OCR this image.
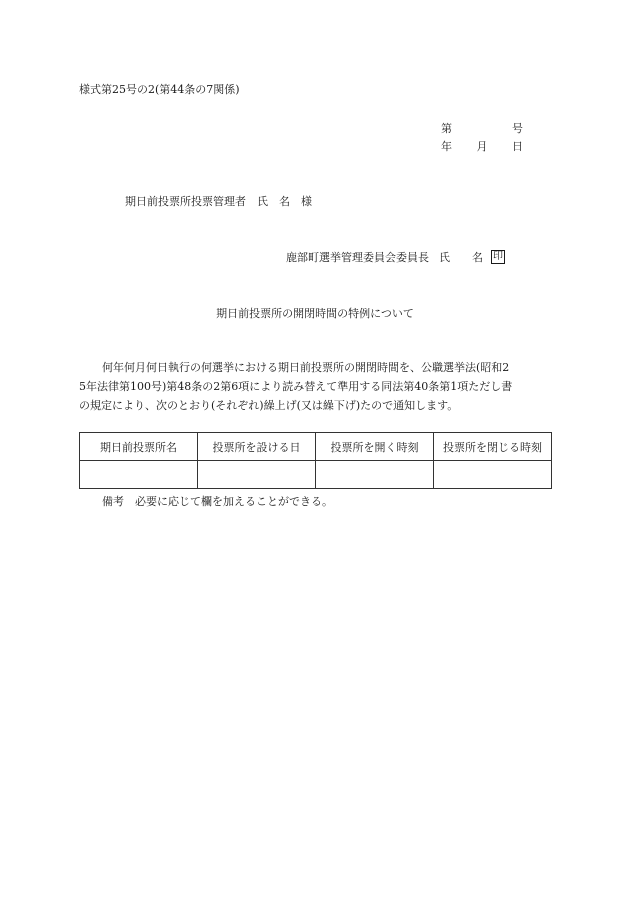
様式第25号の2(第44条の7関係)
第	号
年 月 日
期日前投票所投票管理者　氏　名　様
鹿部町選挙管理委員会委員長 氏 名 印
期日前投票所の開閉時間の特例について
何年何月何日執行の何選挙における期日前投票所の開閉時間を、公職選挙法(昭和2
5年法律第100号)第48条の2第6項により読み替えて準用する同法第40条第1項ただし書
の規定により、次のとおり(それぞれ)繰上げ(又は繰下げ)たので通知します。
期日前投票所名	投票所を設ける日	投票所を開く時刻	投票所を閉じる時刻

備考　必要に応じて欄を加えることができる。
